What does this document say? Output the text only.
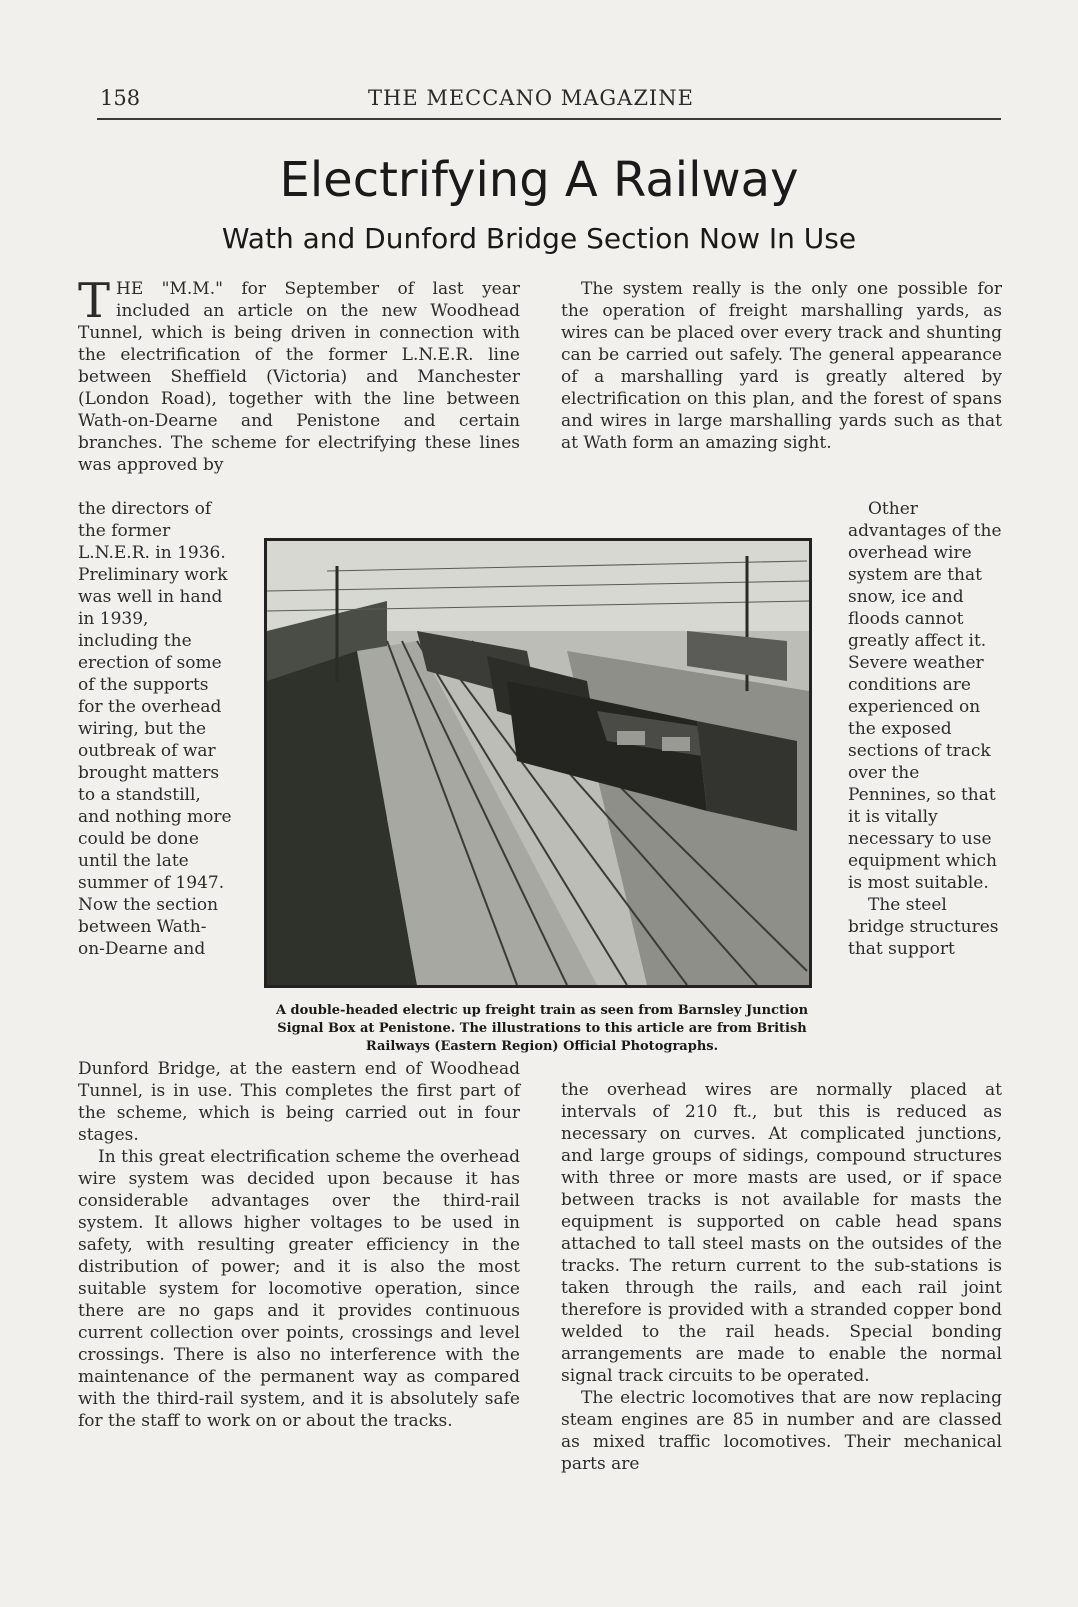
158	THE MECCANO MAGAZINE
Electrifying A Railway
Wath and Dunford Bridge Section Now In Use

THE "M.M." for September of last year included an article on the new Woodhead Tunnel, which is being driven in connection with the electrification of the former L.N.E.R. line between Sheffield (Victoria) and Manchester (London Road), together with the line between Wath-on-Dearne and Penistone and certain branches. The scheme for electrifying these lines was approved by

the directors of the former L.N.E.R. in 1936. Preliminary work was well in hand in 1939, including the erection of some of the supports for the overhead wiring, but the outbreak of war brought matters to a standstill, and nothing more could be done until the late summer of 1947. Now the section between Wath-on-Dearne and

Dunford Bridge, at the eastern end of Woodhead Tunnel, is in use. This completes the first part of the scheme, which is being carried out in four stages.

In this great electrification scheme the overhead wire system was decided upon because it has considerable advantages over the third-rail system. It allows higher voltages to be used in safety, with resulting greater efficiency in the distribution of power; and it is also the most suitable system for locomotive operation, since there are no gaps and it provides continuous current collection over points, crossings and level crossings. There is also no interference with the maintenance of the permanent way as compared with the third-rail system, and it is absolutely safe for the staff to work on or about the tracks.

The system really is the only one possible for the operation of freight marshalling yards, as wires can be placed over every track and shunting can be carried out safely. The general appearance of a marshalling yard is greatly altered by electrification on this plan, and the forest of spans and wires in large marshalling yards such as that at Wath form an amazing sight.

Other advantages of the overhead wire system are that snow, ice and floods cannot greatly affect it. Severe weather conditions are experienced on the exposed sections of track over the Pennines, so that it is vitally necessary to use equipment which is most suitable.

The steel bridge structures that support

the overhead wires are normally placed at intervals of 210 ft., but this is reduced as necessary on curves. At complicated junctions, and large groups of sidings, compound structures with three or more masts are used, or if space between tracks is not available for masts the equipment is supported on cable head spans attached to tall steel masts on the outsides of the tracks. The return current to the sub-stations is taken through the rails, and each rail joint therefore is provided with a stranded copper bond welded to the rail heads. Special bonding arrangements are made to enable the normal signal track circuits to be operated.

The electric locomotives that are now replacing steam engines are 85 in number and are classed as mixed traffic locomotives. Their mechanical parts are

A double-headed electric up freight train as seen from Barnsley Junction Signal Box at Penistone. The illustrations to this article are from British Railways (Eastern Region) Official Photographs.
